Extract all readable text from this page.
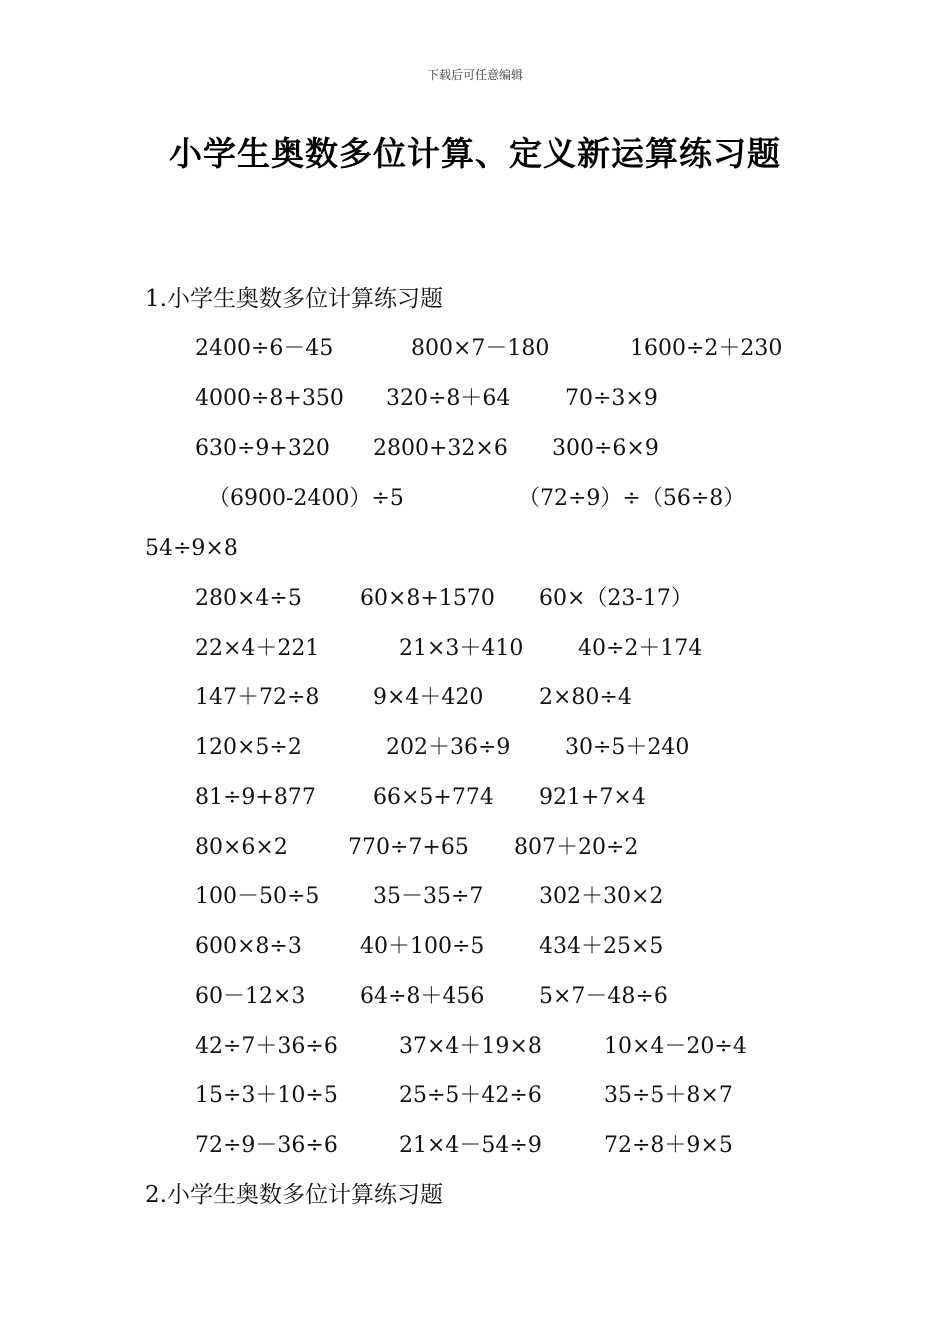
下载后可任意编辑
小学生奥数多位计算、定义新运算练习题
1.小学生奥数多位计算练习题
2400÷6－45	800×7－180	1600÷2＋230
4000÷8+350 320÷8＋64 70÷3×9
630÷9+320 2800+32×6 300÷6×9
（6900-2400）÷5	（72÷9）÷（56÷8）
54÷9×8
280×4÷5	60×8+1570 60×（23-17）
22×4＋221	21×3＋410 40÷2＋174
147＋72÷8 9×4＋420	2×80÷4
120×5÷2	202＋36÷9 30÷5＋240
81÷9+877	66×5+774 921+7×4
80×6×2	770÷7+65 807＋20÷2
100－50÷5 35－35÷7	302＋30×2
600×8÷3	40＋100÷5 434＋25×5
60－12×3 64÷8＋456 5×7－48÷6
42÷7＋36÷6	37×4＋19×8	10×4－20÷4
15÷3＋10÷5	25÷5＋42÷6	35÷5＋8×7
72÷9－36÷6	21×4－54÷9	72÷8＋9×5
2.小学生奥数多位计算练习题
